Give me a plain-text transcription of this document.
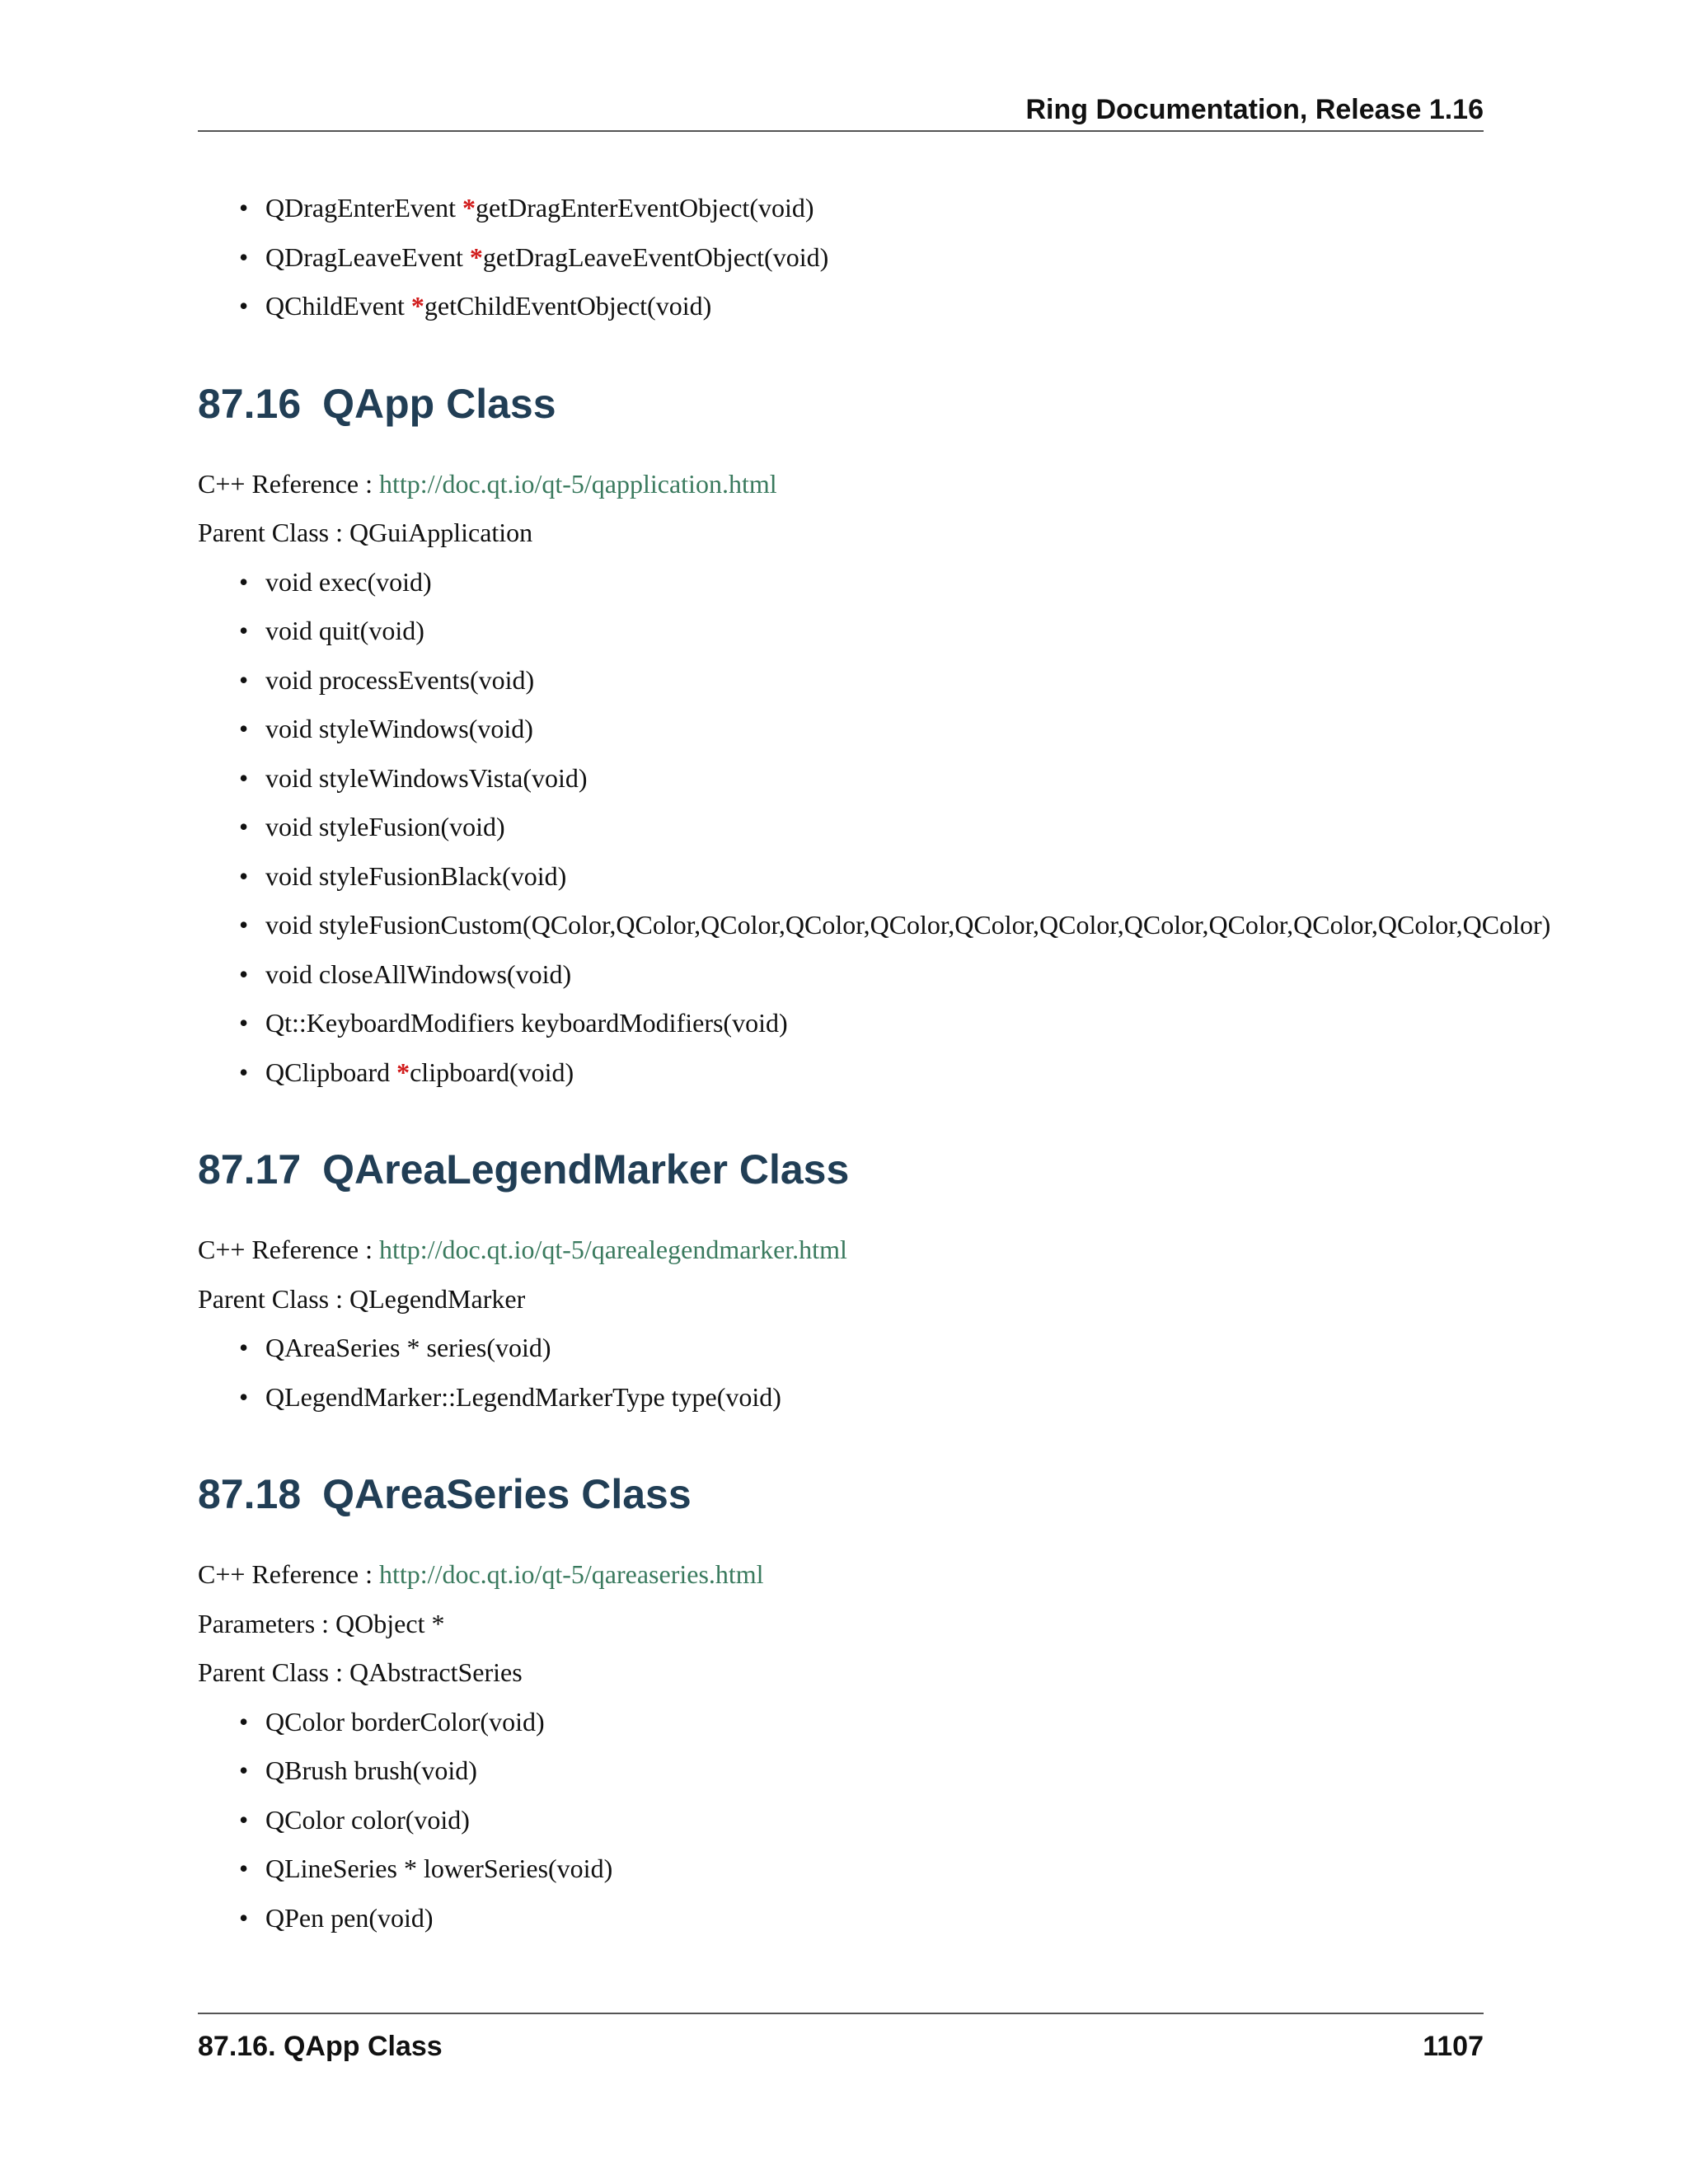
Ring Documentation, Release 1.16
• QDragEnterEvent *getDragEnterEventObject(void)
• QDragLeaveEvent *getDragLeaveEventObject(void)
• QChildEvent *getChildEventObject(void)
87.16 QApp Class
C++ Reference : http://doc.qt.io/qt-5/qapplication.html
Parent Class : QGuiApplication
• void exec(void)
• void quit(void)
• void processEvents(void)
• void styleWindows(void)
• void styleWindowsVista(void)
• void styleFusion(void)
• void styleFusionBlack(void)
• void styleFusionCustom(QColor,QColor,QColor,QColor,QColor,QColor,QColor,QColor,QColor,QColor,QColor,QColor)
• void closeAllWindows(void)
• Qt::KeyboardModifiers keyboardModifiers(void)
• QClipboard *clipboard(void)
87.17 QAreaLegendMarker Class
C++ Reference : http://doc.qt.io/qt-5/qarealegendmarker.html
Parent Class : QLegendMarker
• QAreaSeries * series(void)
• QLegendMarker::LegendMarkerType type(void)
87.18 QAreaSeries Class
C++ Reference : http://doc.qt.io/qt-5/qareaseries.html
Parameters : QObject *
Parent Class : QAbstractSeries
• QColor borderColor(void)
• QBrush brush(void)
• QColor color(void)
• QLineSeries * lowerSeries(void)
• QPen pen(void)
87.16. QApp Class	1107
